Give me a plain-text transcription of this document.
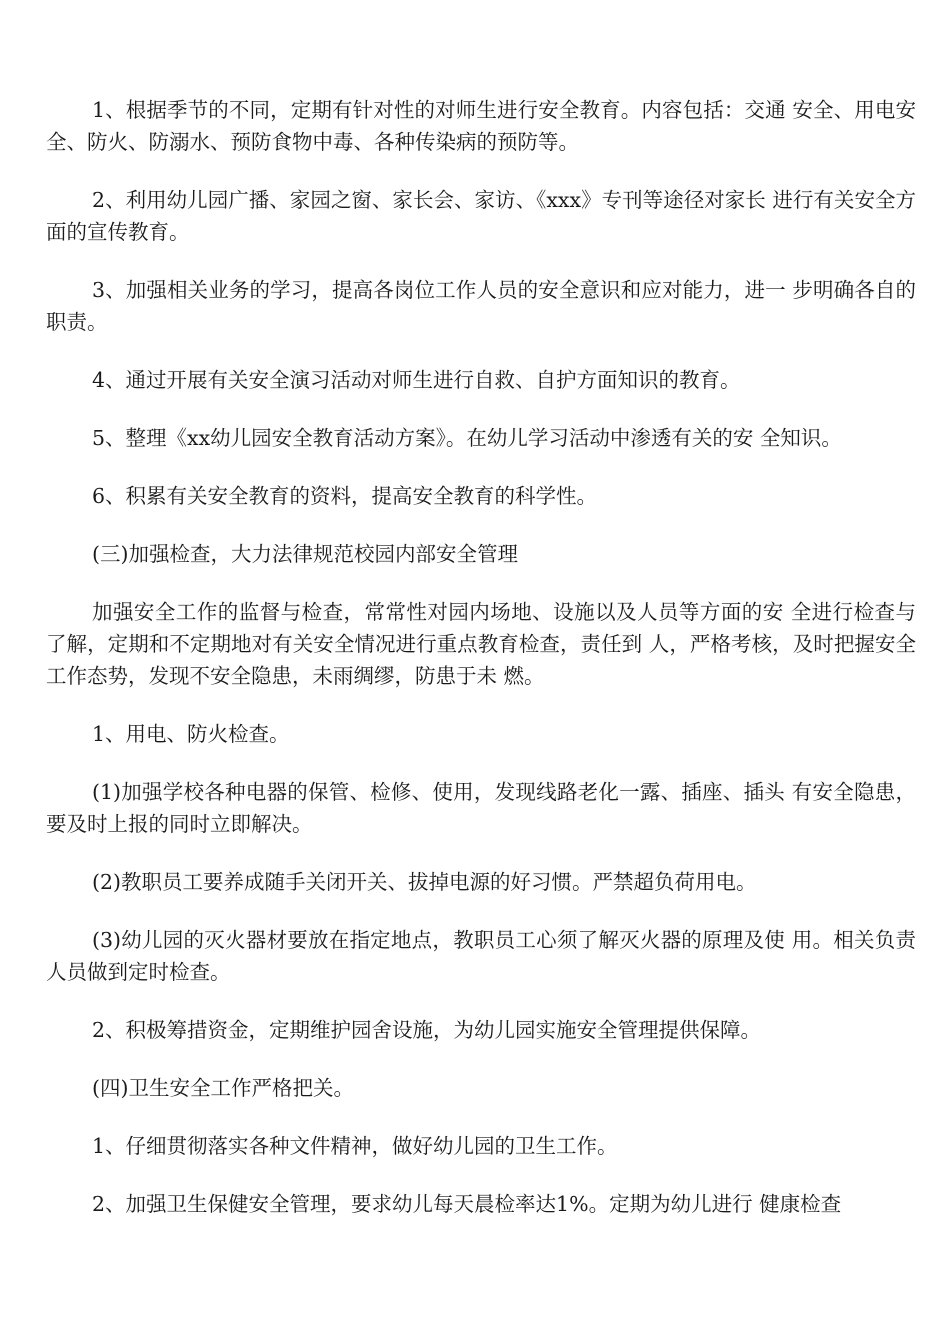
1、根据季节的不同，定期有针对性的对师生进行安全教育。内容包括：交通 安全、用电安全、防火、防溺水、预防食物中毒、各种传染病的预防等。

2、利用幼儿园广播、家园之窗、家长会、家访、《xxx》专刊等途径对家长 进行有关安全方面的宣传教育。

3、加强相关业务的学习，提高各岗位工作人员的安全意识和应对能力，进一 步明确各自的职责。

4、通过开展有关安全演习活动对师生进行自救、自护方面知识的教育。

5、整理《xx幼儿园安全教育活动方案》。在幼儿学习活动中渗透有关的安 全知识。

6、积累有关安全教育的资料，提高安全教育的科学性。

(三)加强检查，大力法律规范校园内部安全管理

加强安全工作的监督与检查，常常性对园内场地、设施以及人员等方面的安 全进行检查与了解，定期和不定期地对有关安全情况进行重点教育检查，责任到 人，严格考核，及时把握安全工作态势，发现不安全隐患，未雨绸缪，防患于未 燃。

1、用电、防火检查。

(1)加强学校各种电器的保管、检修、使用，发现线路老化一露、插座、插头 有安全隐患，要及时上报的同时立即解决。

(2)教职员工要养成随手关闭开关、拔掉电源的好习惯。严禁超负荷用电。

(3)幼儿园的灭火器材要放在指定地点，教职员工心须了解灭火器的原理及使 用。相关负责人员做到定时检查。

2、积极筹措资金，定期维护园舍设施，为幼儿园实施安全管理提供保障。

(四)卫生安全工作严格把关。

1、仔细贯彻落实各种文件精神，做好幼儿园的卫生工作。

2、加强卫生保健安全管理，要求幼儿每天晨检率达1%。定期为幼儿进行 健康检查
